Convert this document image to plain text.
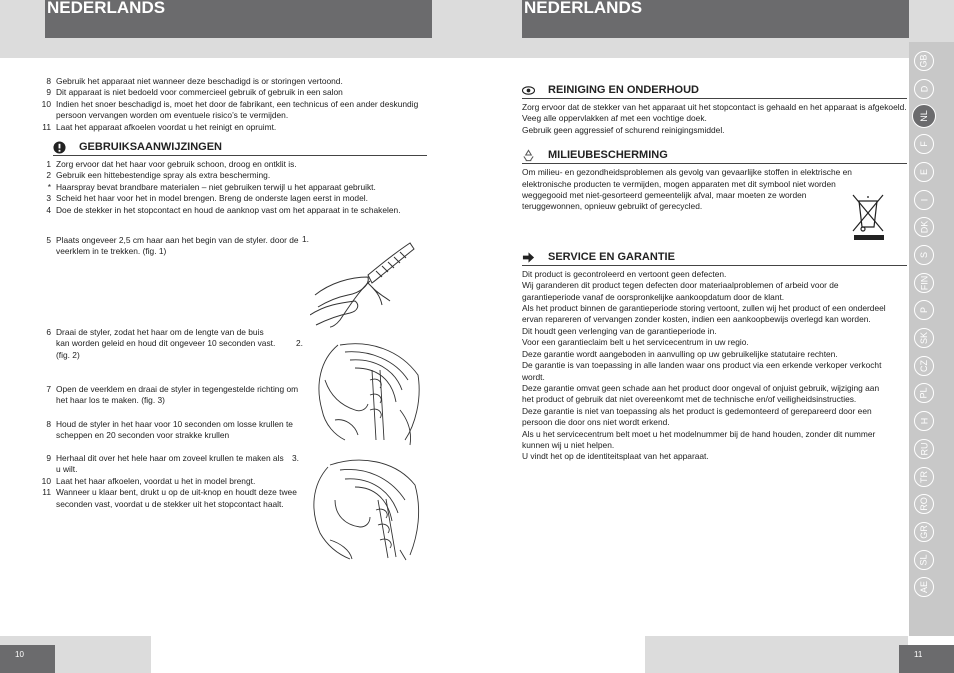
NEDERLANDS	NEDERLANDS
8 Gebruik het apparaat niet wanneer deze beschadigd is or storingen vertoond.
9 Dit apparaat is niet bedoeld voor commercieel gebruik of gebruik in een salon
10 Indien het snoer beschadigd is, moet het door de fabrikant, een technicus of een ander deskundig persoon vervangen worden om eventuele risico’s te vermijden.
11 Laat het apparaat afkoelen voordat u het reinigt en opruimt.
GEBRUIKSAANWIJZINGEN
1 Zorg ervoor dat het haar voor gebruik schoon, droog en ontklit is.
2 Gebruik een hittebestendige spray als extra bescherming.
* Haarspray bevat brandbare materialen – niet gebruiken terwijl u het apparaat gebruikt.
3 Scheid het haar voor het in model brengen. Breng de onderste lagen eerst in model.
4 Doe de stekker in het stopcontact en houd de aanknop vast om het apparaat in te schakelen.
5 Plaats ongeveer 2,5 cm haar aan het begin van de styler. door de veerklem in te trekken. (fig. 1)
6 Draai de styler, zodat het haar om de lengte van de buis kan worden geleid en houd dit ongeveer 10 seconden vast. (fig. 2)
7 Open de veerklem en draai de styler in tegengestelde richting om het haar los te maken. (fig. 3)
8 Houd de styler in het haar voor 10 seconden om losse krullen te scheppen en 20 seconden voor strakke krullen
9 Herhaal dit over het hele haar om zoveel krullen te maken als u wilt.
10 Laat het haar afkoelen, voordat u het in model brengt.
11 Wanneer u klaar bent, drukt u op de uit-knop en houdt deze twee seconden vast, voordat u de stekker uit het stopcontact haalt.
1.
2.
3.
REINIGING EN ONDERHOUD
Zorg ervoor dat de stekker van het apparaat uit het stopcontact is gehaald en het apparaat is afgekoeld.
Veeg alle oppervlakken af met een vochtige doek.
Gebruik geen aggressief of schurend reinigingsmiddel.
MILIEUBESCHERMING
Om milieu- en gezondheidsproblemen als gevolg van gevaarlijke stoffen in elektrische en elektronische producten te vermijden, mogen apparaten met dit symbool niet worden weggegooid met niet-gesorteerd gemeentelijk afval, maar moeten ze worden teruggewonnen, opnieuw gebruikt of gerecycled.
SERVICE EN GARANTIE
Dit product is gecontroleerd en vertoont geen defecten.
Wij garanderen dit product tegen defecten door materiaalproblemen of arbeid voor de garantieperiode vanaf de oorspronkelijke aankoopdatum door de klant.
Als het product binnen de garantieperiode storing vertoont, zullen wij het product of een onderdeel ervan repareren of vervangen zonder kosten, indien een aankoopbewijs overlegd kan worden.
Dit houdt geen verlenging van de garantieperiode in.
Voor een garantieclaim belt u het servicecentrum in uw regio.
Deze garantie wordt aangeboden in aanvulling op uw gebruikelijke statutaire rechten.
De garantie is van toepassing in alle landen waar ons product via een erkende verkoper verkocht wordt.
Deze garantie omvat geen schade aan het product door ongeval of onjuist gebruik, wijziging aan het product of gebruik dat niet overeenkomt met de technische en/of veiligheidsinstructies.
Deze garantie is niet van toepassing als het product is gedemonteerd of gerepareerd door een persoon die door ons niet wordt erkend.
Als u het servicecentrum belt moet u het modelnummer bij de hand houden, zonder dit nummer kunnen wij u niet helpen.
U vindt het op de identiteitsplaat van het apparaat.
10	11
GB
D
NL
F
E
I
DK
S
FIN
P
SK
CZ
PL
H
RU
TR
RO
GR
SL
AE
